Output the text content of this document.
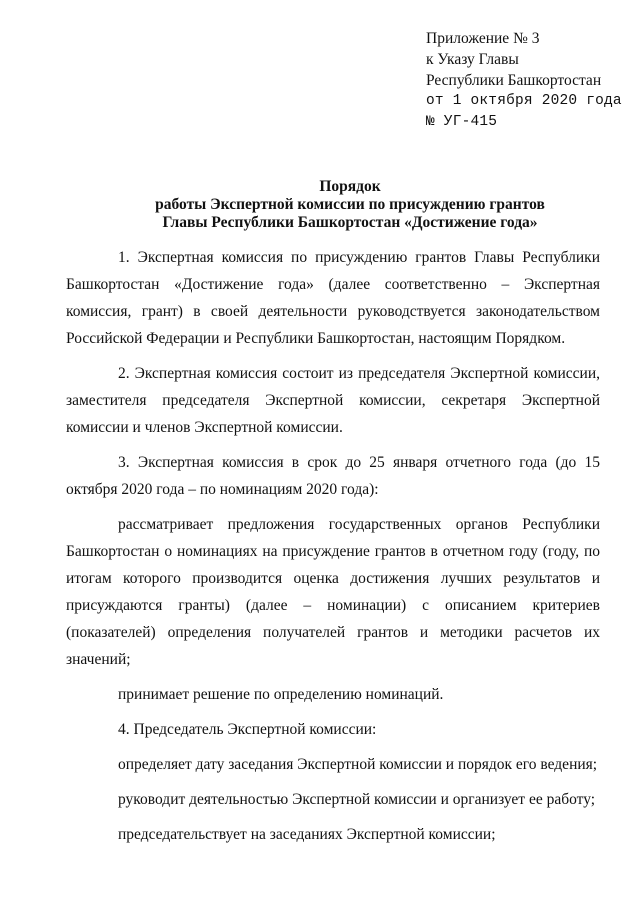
Приложение № 3
к Указу Главы
Республики Башкортостан
от 1 октября 2020 года
№ УГ-415
Порядок
работы Экспертной комиссии по присуждению грантов
Главы Республики Башкортостан «Достижение года»

1. Экспертная комиссия по присуждению грантов Главы Республики Башкортостан «Достижение года» (далее соответственно – Экспертная комиссия, грант) в своей деятельности руководствуется законодательством Российской Федерации и Республики Башкортостан, настоящим Порядком.

2. Экспертная комиссия состоит из председателя Экспертной комиссии, заместителя председателя Экспертной комиссии, секретаря Экспертной комиссии и членов Экспертной комиссии.

3. Экспертная комиссия в срок до 25 января отчетного года (до 15 октября 2020 года – по номинациям 2020 года):

рассматривает предложения государственных органов Республики Башкортостан о номинациях на присуждение грантов в отчетном году (году, по итогам которого производится оценка достижения лучших результатов и присуждаются гранты) (далее – номинации) с описанием критериев (показателей) определения получателей грантов и методики расчетов их значений;

принимает решение по определению номинаций.

4. Председатель Экспертной комиссии:

определяет дату заседания Экспертной комиссии и порядок его ведения;

руководит деятельностью Экспертной комиссии и организует ее работу;

председательствует на заседаниях Экспертной комиссии;
